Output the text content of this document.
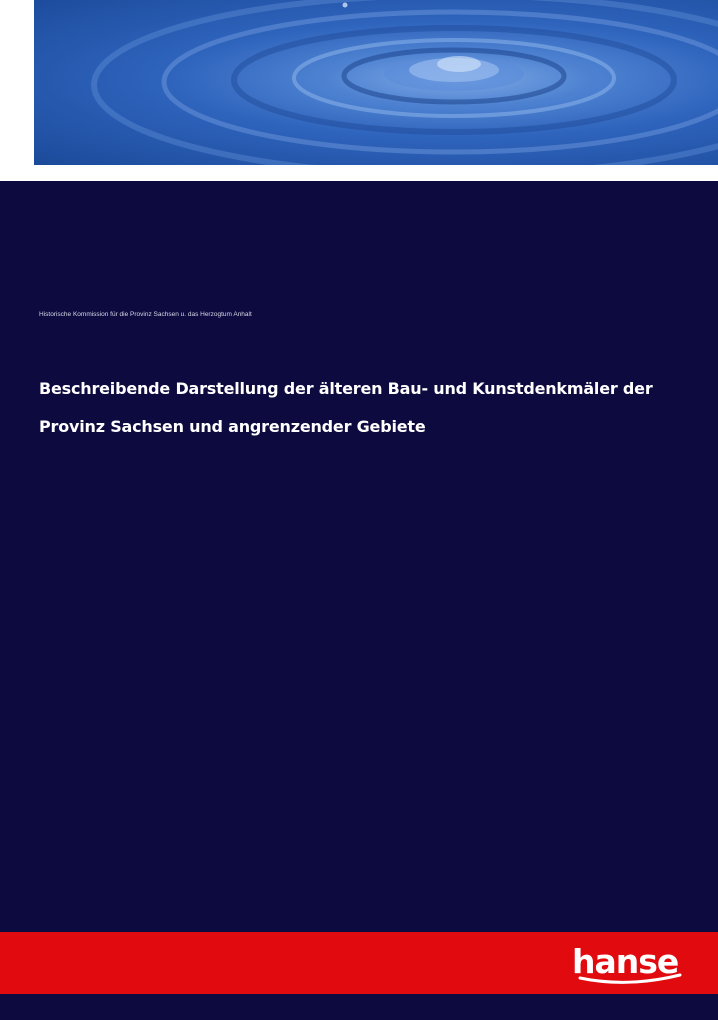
Historische Kommission für die Provinz Sachsen u. das Herzogtum Anhalt
Beschreibende Darstellung der älteren Bau- und Kunstdenkmäler der Provinz Sachsen und angrenzender Gebiete
hanse
